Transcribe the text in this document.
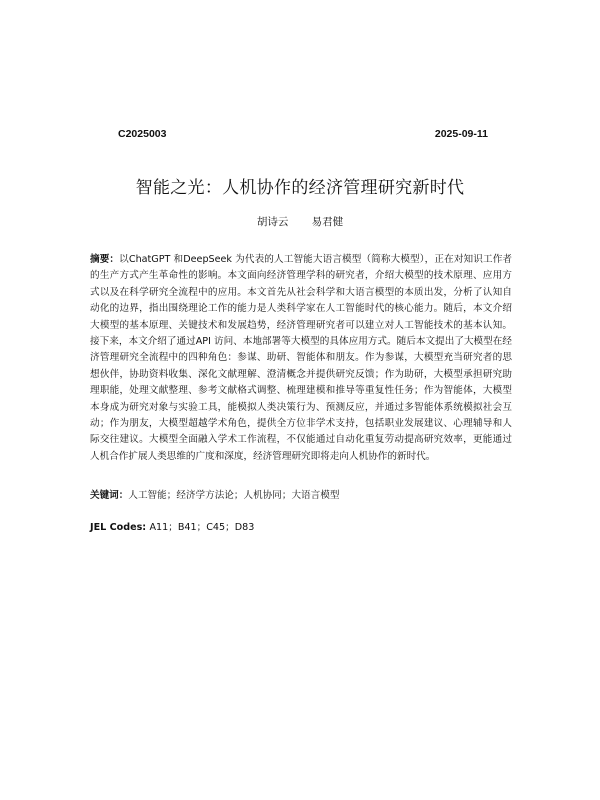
C2025003	2025-09-11
智能之光：人机协作的经济管理研究新时代
胡诗云 易君健

摘要：以ChatGPT 和DeepSeek 为代表的人工智能大语言模型（简称大模型），正在对知识工作者的生产方式产生革命性的影响。本文面向经济管理学科的研究者，介绍大模型的技术原理、应用方式以及在科学研究全流程中的应用。本文首先从社会科学和大语言模型的本质出发，分析了认知自动化的边界，指出围绕理论工作的能力是人类科学家在人工智能时代的核心能力。随后，本文介绍大模型的基本原理、关键技术和发展趋势，经济管理研究者可以建立对人工智能技术的基本认知。接下来，本文介绍了通过API 访问、本地部署等大模型的具体应用方式。随后本文提出了大模型在经济管理研究全流程中的四种角色：参谋、助研、智能体和朋友。作为参谋，大模型充当研究者的思想伙伴，协助资料收集、深化文献理解、澄清概念并提供研究反馈；作为助研，大模型承担研究助理职能，处理文献整理、参考文献格式调整、梳理建模和推导等重复性任务；作为智能体，大模型本身成为研究对象与实验工具，能模拟人类决策行为、预测反应，并通过多智能体系统模拟社会互动；作为朋友，大模型超越学术角色，提供全方位非学术支持，包括职业发展建议、心理辅导和人际交往建议。大模型全面融入学术工作流程，不仅能通过自动化重复劳动提高研究效率，更能通过人机合作扩展人类思维的广度和深度，经济管理研究即将走向人机协作的新时代。

关键词：人工智能；经济学方法论；人机协同；大语言模型

JEL Codes: A11；B41；C45；D83
